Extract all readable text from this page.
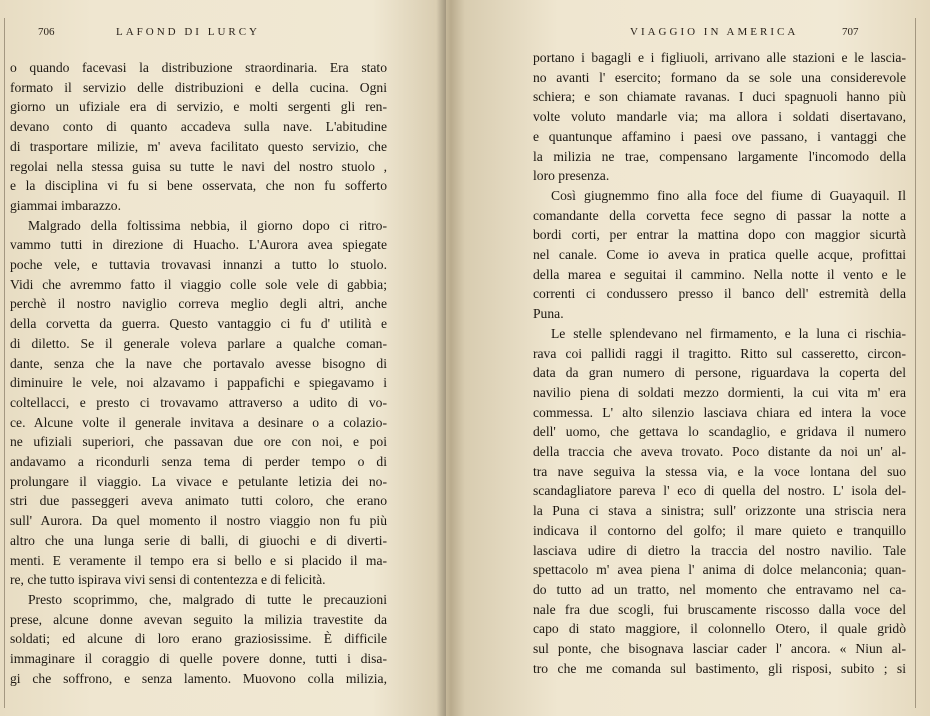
706	LAFOND DI LURCY
o quando facevasi la distribuzione straordinaria. Era stato
formato il servizio delle distribuzioni e della cucina. Ogni
giorno un ufiziale era di servizio, e molti sergenti gli ren-
devano conto di quanto accadeva sulla nave. L'abitudine
di trasportare milizie, m' aveva facilitato questo servizio, che
regolai nella stessa guisa su tutte le navi del nostro stuolo ,
e la disciplina vi fu si bene osservata, che non fu sofferto
giammai imbarazzo.
Malgrado della foltissima nebbia, il giorno dopo ci ritro-
vammo tutti in direzione di Huacho. L'Aurora avea spiegate
poche vele, e tuttavia trovavasi innanzi a tutto lo stuolo.
Vidi che avremmo fatto il viaggio colle sole vele di gabbia;
perchè il nostro naviglio correva meglio degli altri, anche
della corvetta da guerra. Questo vantaggio ci fu d' utilità e
di diletto. Se il generale voleva parlare a qualche coman-
dante, senza che la nave che portavalo avesse bisogno di
diminuire le vele, noi alzavamo i pappafichi e spiegavamo i
coltellacci, e presto ci trovavamo attraverso a udito di vo-
ce. Alcune volte il generale invitava a desinare o a colazio-
ne ufiziali superiori, che passavan due ore con noi, e poi
andavamo a ricondurli senza tema di perder tempo o di
prolungare il viaggio. La vivace e petulante letizia dei no-
stri due passeggeri aveva animato tutti coloro, che erano
sull' Aurora. Da quel momento il nostro viaggio non fu più
altro che una lunga serie di balli, di giuochi e di diverti-
menti. E veramente il tempo era si bello e si placido il ma-
re, che tutto ispirava vivi sensi di contentezza e di felicità.
Presto scoprimmo, che, malgrado di tutte le precauzioni
prese, alcune donne avevan seguito la milizia travestite da
soldati; ed alcune di loro erano graziosissime. È difficile
immaginare il coraggio di quelle povere donne, tutti i disa-
gi che soffrono, e senza lamento. Muovono colla milizia,
VIAGGIO IN AMERICA	707
portano i bagagli e i figliuoli, arrivano alle stazioni e le lascia-
no avanti l' esercito; formano da se sole una considerevole
schiera; e son chiamate ravanas. I duci spagnuoli hanno più
volte voluto mandarle via; ma allora i soldati disertavano,
e quantunque affamino i paesi ove passano, i vantaggi che
la milizia ne trae, compensano largamente l'incomodo della
loro presenza.
Così giugnemmo fino alla foce del fiume di Guayaquil. Il
comandante della corvetta fece segno di passar la notte a
bordi corti, per entrar la mattina dopo con maggior sicurtà
nel canale. Come io aveva in pratica quelle acque, profittai
della marea e seguitai il cammino. Nella notte il vento e le
correnti ci condussero presso il banco dell' estremità della
Puna.
Le stelle splendevano nel firmamento, e la luna ci rischia-
rava coi pallidi raggi il tragitto. Ritto sul casseretto, circon-
data da gran numero di persone, riguardava la coperta del
navilio piena di soldati mezzo dormienti, la cui vita m' era
commessa. L' alto silenzio lasciava chiara ed intera la voce
dell' uomo, che gettava lo scandaglio, e gridava il numero
della traccia che aveva trovato. Poco distante da noi un' al-
tra nave seguiva la stessa via, e la voce lontana del suo
scandagliatore pareva l' eco di quella del nostro. L' isola del-
la Puna ci stava a sinistra; sull' orizzonte una striscia nera
indicava il contorno del golfo; il mare quieto e tranquillo
lasciava udire di dietro la traccia del nostro navilio. Tale
spettacolo m' avea piena l' anima di dolce melanconia; quan-
do tutto ad un tratto, nel momento che entravamo nel ca-
nale fra due scogli, fui bruscamente riscosso dalla voce del
capo di stato maggiore, il colonnello Otero, il quale gridò
sul ponte, che bisognava lasciar cader l' ancora. « Niun al-
tro che me comanda sul bastimento, gli risposi, subito ; si
